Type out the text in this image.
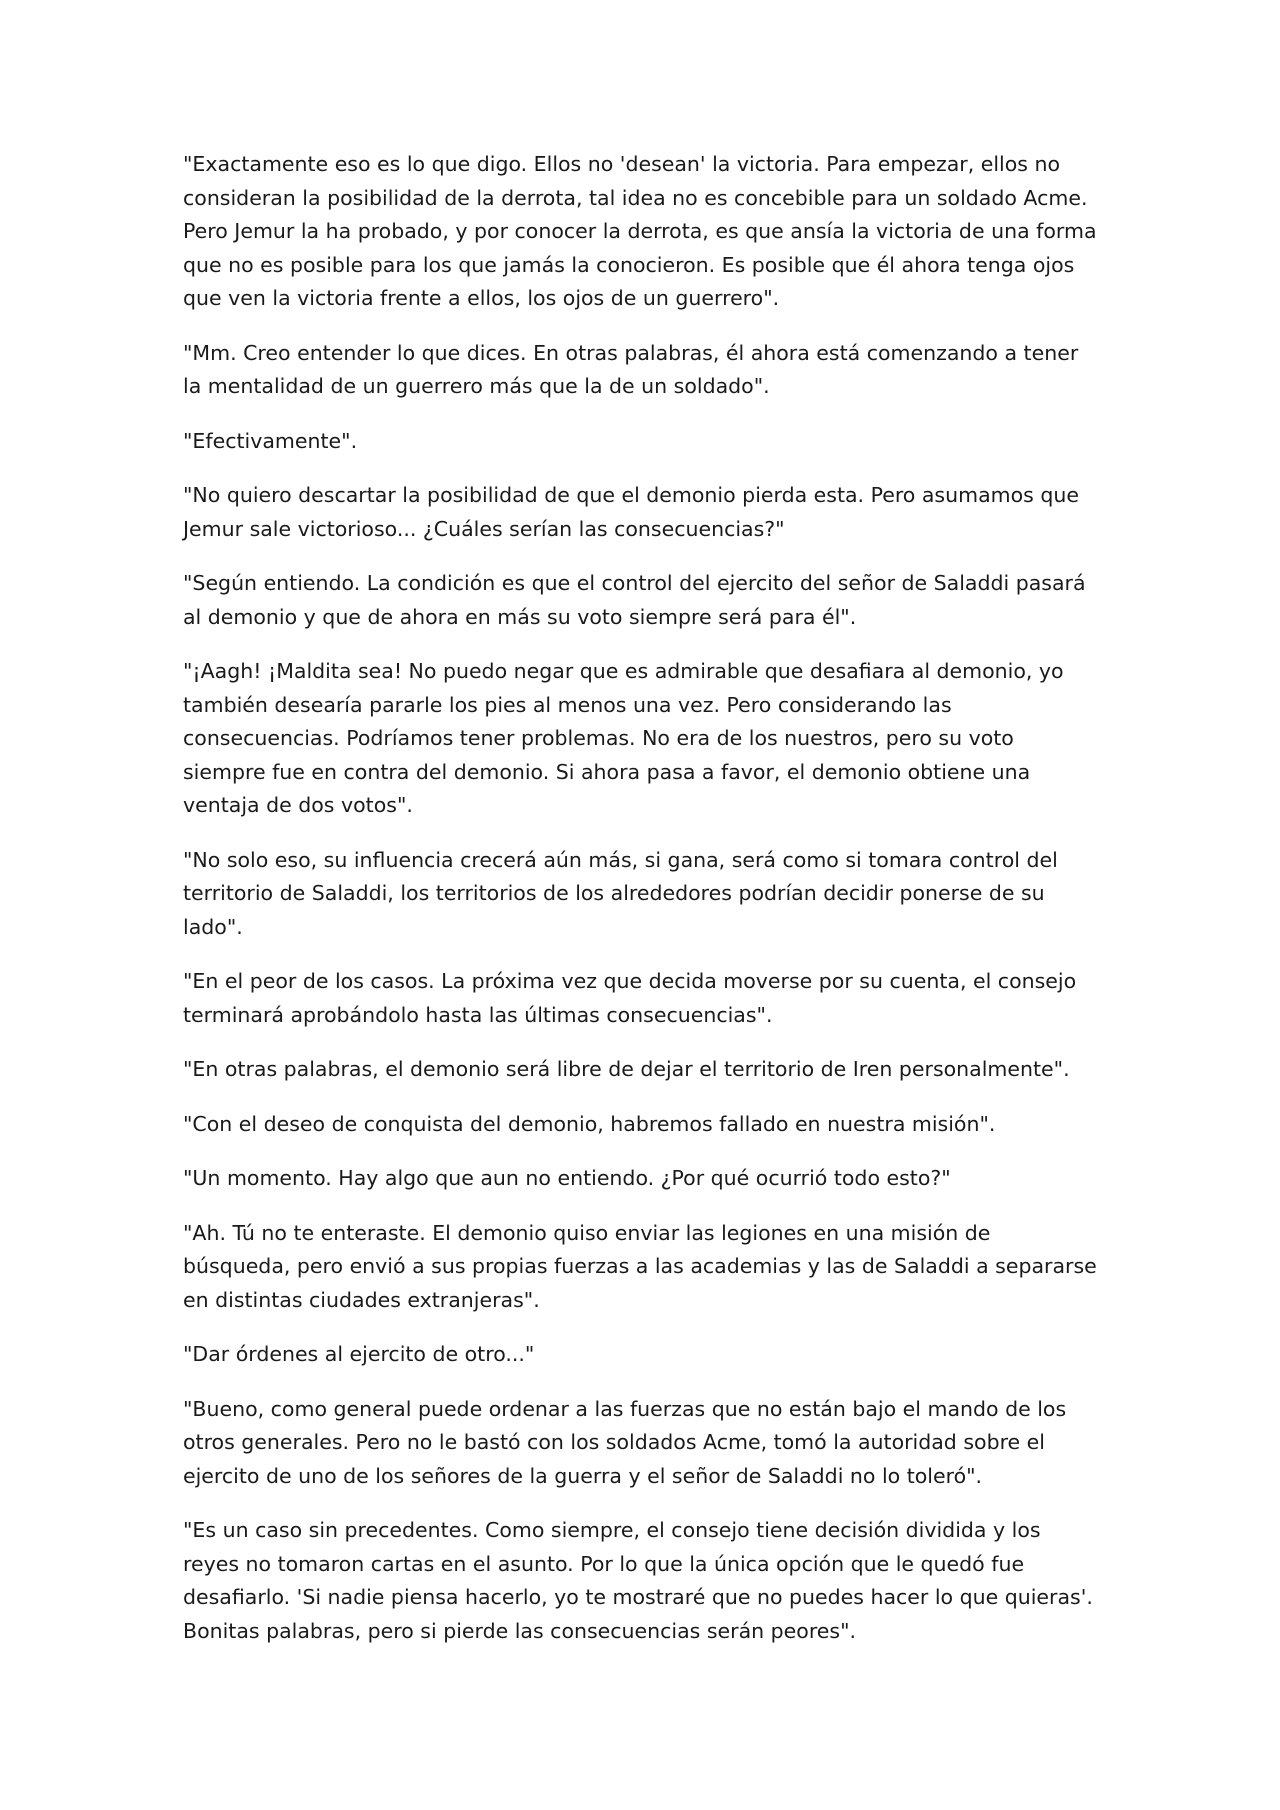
"Exactamente eso es lo que digo. Ellos no 'desean' la victoria. Para empezar, ellos no consideran la posibilidad de la derrota, tal idea no es concebible para un soldado Acme. Pero Jemur la ha probado, y por conocer la derrota, es que ansía la victoria de una forma que no es posible para los que jamás la conocieron. Es posible que él ahora tenga ojos que ven la victoria frente a ellos, los ojos de un guerrero".

"Mm. Creo entender lo que dices. En otras palabras, él ahora está comenzando a tener la mentalidad de un guerrero más que la de un soldado".

"Efectivamente".

"No quiero descartar la posibilidad de que el demonio pierda esta. Pero asumamos que Jemur sale victorioso... ¿Cuáles serían las consecuencias?"

"Según entiendo. La condición es que el control del ejercito del señor de Saladdi pasará al demonio y que de ahora en más su voto siempre será para él".

"¡Aagh! ¡Maldita sea! No puedo negar que es admirable que desafiara al demonio, yo también desearía pararle los pies al menos una vez. Pero considerando las consecuencias. Podríamos tener problemas. No era de los nuestros, pero su voto siempre fue en contra del demonio. Si ahora pasa a favor, el demonio obtiene una ventaja de dos votos".

"No solo eso, su influencia crecerá aún más, si gana, será como si tomara control del territorio de Saladdi, los territorios de los alrededores podrían decidir ponerse de su lado".

"En el peor de los casos. La próxima vez que decida moverse por su cuenta, el consejo terminará aprobándolo hasta las últimas consecuencias".

"En otras palabras, el demonio será libre de dejar el territorio de Iren personalmente".

"Con el deseo de conquista del demonio, habremos fallado en nuestra misión".

"Un momento. Hay algo que aun no entiendo. ¿Por qué ocurrió todo esto?"

"Ah. Tú no te enteraste. El demonio quiso enviar las legiones en una misión de búsqueda, pero envió a sus propias fuerzas a las academias y las de Saladdi a separarse en distintas ciudades extranjeras".

"Dar órdenes al ejercito de otro..."

"Bueno, como general puede ordenar a las fuerzas que no están bajo el mando de los otros generales. Pero no le bastó con los soldados Acme, tomó la autoridad sobre el ejercito de uno de los señores de la guerra y el señor de Saladdi no lo toleró".

"Es un caso sin precedentes. Como siempre, el consejo tiene decisión dividida y los reyes no tomaron cartas en el asunto. Por lo que la única opción que le quedó fue desafiarlo. 'Si nadie piensa hacerlo, yo te mostraré que no puedes hacer lo que quieras'. Bonitas palabras, pero si pierde las consecuencias serán peores".
